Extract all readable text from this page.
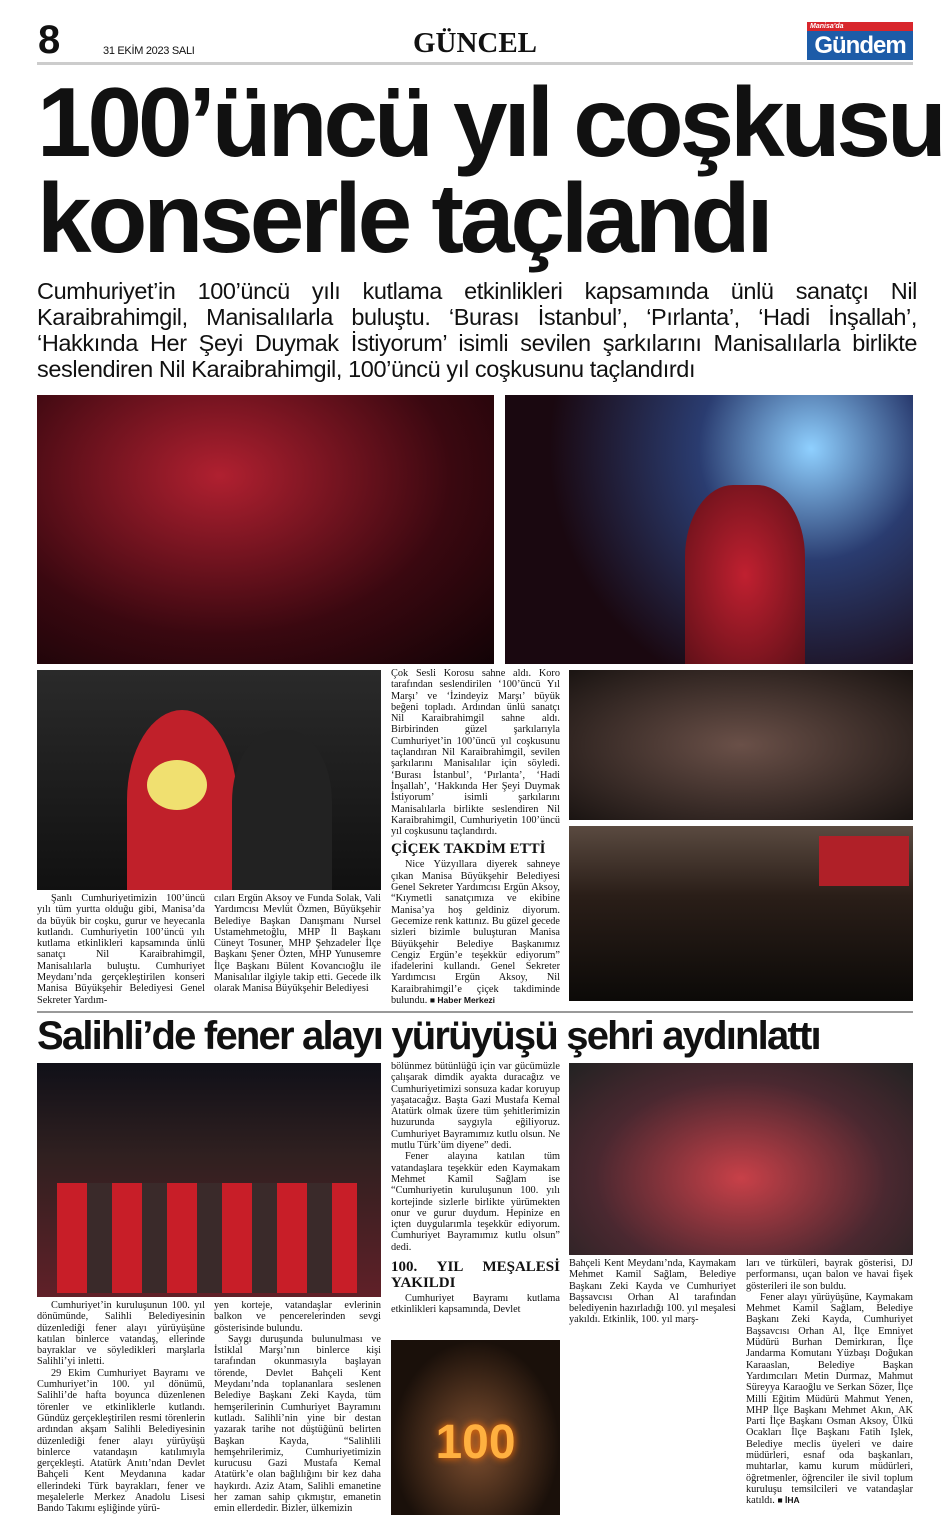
8	31 EKİM 2023 SALI	GÜNCEL
Manisa'da
Gündem
100’üncü yıl coşkusu
konserle taçlandı
Cumhuriyet’in 100’üncü yılı kutlama etkinlikleri kapsamında ünlü sanatçı Nil Karaibrahimgil, Manisalılarla buluştu. ‘Burası İstanbul’, ‘Pırlanta’, ‘Hadi İnşallah’, ‘Hakkında Her Şeyi Duymak İstiyorum’ isimli sevilen şarkılarını Manisalılarla birlikte seslendiren Nil Karaibrahimgil, 100’üncü yıl coşkusunu taçlandırdı

Şanlı Cumhuriyetimizin 100’üncü yılı tüm yurtta olduğu gibi, Manisa’da da büyük bir coşku, gurur ve heyecanla kutlandı. Cumhuriyetin 100’üncü yılı kutlama etkinlikleri kapsamında ünlü sanatçı Nil Karaibrahimgil, Manisalılarla buluştu. Cumhuriyet Meydanı’nda gerçekleştirilen konseri Manisa Büyükşehir Belediyesi Genel Sekreter Yardım-

cıları Ergün Aksoy ve Funda Solak, Vali Yardımcısı Mevlüt Özmen, Büyükşehir Belediye Başkan Danışmanı Nursel Ustamehmetoğlu, MHP İl Başkanı Cüneyt Tosuner, MHP Şehzadeler İlçe Başkanı Şener Özten, MHP Yunusemre İlçe Başkanı Bülent Kovancıoğlu ile Manisalılar ilgiyle takip etti. Gecede ilk olarak Manisa Büyükşehir Belediyesi

Çok Sesli Korosu sahne aldı. Koro tarafından seslendirilen ‘100’üncü Yıl Marşı’ ve ‘İzindeyiz Marşı’ büyük beğeni topladı. Ardından ünlü sanatçı Nil Karaibrahimgil sahne aldı. Birbirinden güzel şarkılarıyla Cumhuriyet’in 100’üncü yıl coşkusunu taçlandıran Nil Karaibrahimgil, sevilen şarkılarını Manisalılar için söyledi. ‘Burası İstanbul’, ‘Pırlanta’, ‘Hadi İnşallah’, ‘Hakkında Her Şeyi Duymak İstiyorum’ isimli şarkılarını Manisalılarla birlikte seslendiren Nil Karaibrahimgil, Cumhuriyetin 100’üncü yıl coşkusunu taçlandırdı.

ÇİÇEK TAKDİM ETTİ

Nice Yüzyıllara diyerek sahneye çıkan Manisa Büyükşehir Belediyesi Genel Sekreter Yardımcısı Ergün Aksoy, “Kıymetli sanatçımıza ve ekibine Manisa’ya hoş geldiniz diyorum. Gecemize renk kattınız. Bu güzel gecede sizleri bizimle buluşturan Manisa Büyükşehir Belediye Başkanımız Cengiz Ergün’e teşekkür ediyorum” ifadelerini kullandı. Genel Sekreter Yardımcısı Ergün Aksoy, Nil Karaibrahimgil’e çiçek takdiminde bulundu. ■ Haber Merkezi

Salihli’de fener alayı yürüyüşü şehri aydınlattı
100

Cumhuriyet’in kuruluşunun 100. yıl dönümünde, Salihli Belediyesinin düzenlediği fener alayı yürüyüşüne katılan binlerce vatandaş, ellerinde bayraklar ve söyledikleri marşlarla Salihli’yi inletti.

29 Ekim Cumhuriyet Bayramı ve Cumhuriyet’in 100. yıl dönümü, Salihli’de hafta boyunca düzenlenen törenler ve etkinliklerle kutlandı. Gündüz gerçekleştirilen resmi törenlerin ardından akşam Salihli Belediyesinin düzenlediği fener alayı yürüyüşü binlerce vatandaşın katılımıyla gerçekleşti. Atatürk Anıtı’ndan Devlet Bahçeli Kent Meydanına kadar ellerindeki Türk bayrakları, fener ve meşalelerle Merkez Anadolu Lisesi Bando Takımı eşliğinde yürü-

yen korteje, vatandaşlar evlerinin balkon ve pencerelerinden sevgi gösterisinde bulundu.

Saygı duruşunda bulunulması ve İstiklal Marşı’nın binlerce kişi tarafından okunmasıyla başlayan törende, Devlet Bahçeli Kent Meydanı’nda toplananlara seslenen Belediye Başkanı Zeki Kayda, tüm hemşerilerinin Cumhuriyet Bayramını kutladı. Salihli’nin yine bir destan yazarak tarihe not düştüğünü belirten Başkan Kayda, “Salihlili hemşehrilerimiz, Cumhuriyetimizin kurucusu Gazi Mustafa Kemal Atatürk’e olan bağlılığını bir kez daha haykırdı. Aziz Atam, Salihli emanetine her zaman sahip çıkmıştır, emanetin emin ellerdedir. Bizler, ülkemizin

bölünmez bütünlüğü için var gücümüzle çalışarak dimdik ayakta duracağız ve Cumhuriyetimizi sonsuza kadar koruyup yaşatacağız. Başta Gazi Mustafa Kemal Atatürk olmak üzere tüm şehitlerimizin huzurunda saygıyla eğiliyoruz. Cumhuriyet Bayramımız kutlu olsun. Ne mutlu Türk’üm diyene” dedi.

Fener alayına katılan tüm vatandaşlara teşekkür eden Kaymakam Mehmet Kamil Sağlam ise “Cumhuriyetin kuruluşunun 100. yılı kortejinde sizlerle birlikte yürümekten onur ve gurur duydum. Hepinize en içten duygularımla teşekkür ediyorum. Cumhuriyet Bayramımız kutlu olsun” dedi.

100. YIL MEŞALESİ YAKILDI

Cumhuriyet Bayramı kutlama etkinlikleri kapsamında, Devlet

Bahçeli Kent Meydanı’nda, Kaymakam Mehmet Kamil Sağlam, Belediye Başkanı Zeki Kayda ve Cumhuriyet Başsavcısı Orhan Al tarafından belediyenin hazırladığı 100. yıl meşalesi yakıldı. Etkinlik, 100. yıl marş-

ları ve türküleri, bayrak gösterisi, DJ performansı, uçan balon ve havai fişek gösterileri ile son buldu.

Fener alayı yürüyüşüne, Kaymakam Mehmet Kamil Sağlam, Belediye Başkanı Zeki Kayda, Cumhuriyet Başsavcısı Orhan Al, İlçe Emniyet Müdürü Burhan Demirkıran, İlçe Jandarma Komutanı Yüzbaşı Doğukan Karaaslan, Belediye Başkan Yardımcıları Metin Durmaz, Mahmut Süreyya Karaoğlu ve Serkan Sözer, İlçe Milli Eğitim Müdürü Mahmut Yenen, MHP İlçe Başkanı Mehmet Akın, AK Parti İlçe Başkanı Osman Aksoy, Ülkü Ocakları İlçe Başkanı Fatih Işlek, Belediye meclis üyeleri ve daire müdürleri, esnaf oda başkanları, muhtarlar, kamu kurum müdürleri, öğretmenler, öğrenciler ile sivil toplum kuruluşu temsilcileri ve vatandaşlar katıldı. ■ İHA
